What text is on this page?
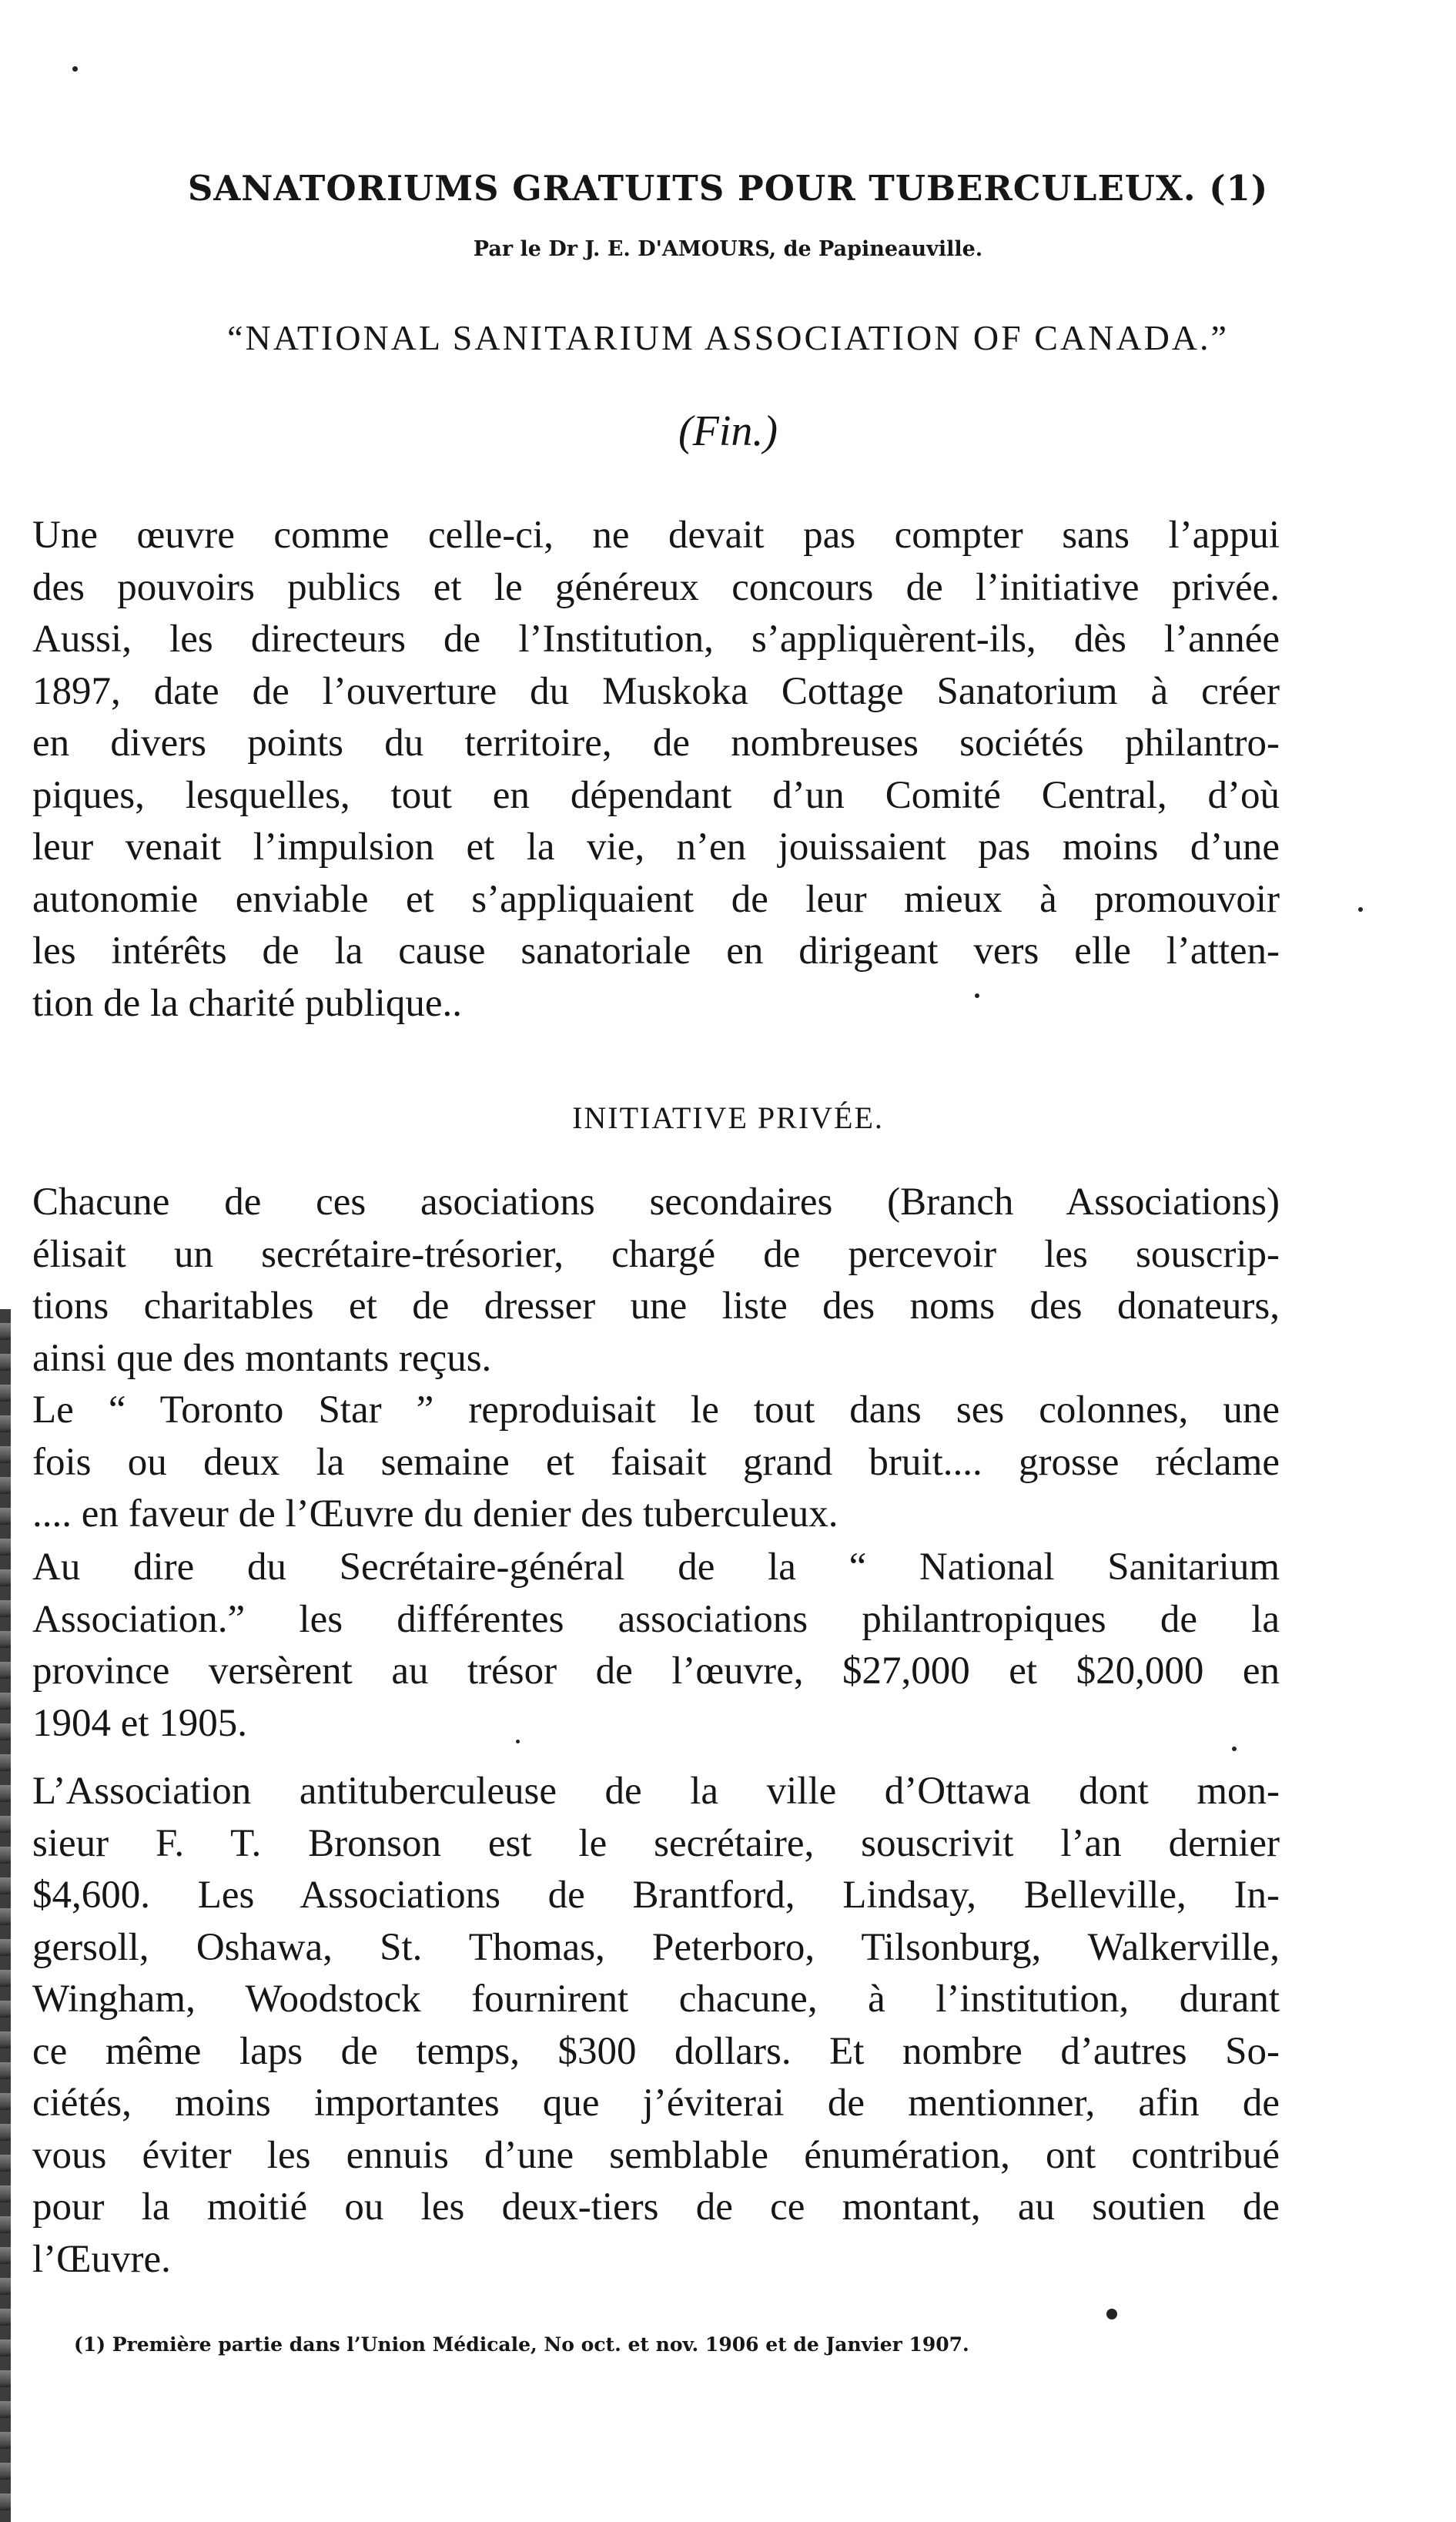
SANATORIUMS GRATUITS POUR TUBERCULEUX. (1)
Par le Dr J. E. D'AMOURS, de Papineauville.
“NATIONAL SANITARIUM ASSOCIATION OF CANADA.”
(Fin.)

Une œuvre comme celle-ci, ne devait pas compter sans l’appui
des pouvoirs publics et le généreux concours de l’initiative privée.
Aussi, les directeurs de l’Institution, s’appliquèrent-ils, dès l’année
1897, date de l’ouverture du Muskoka Cottage Sanatorium à créer
en divers points du territoire, de nombreuses sociétés philantro-
piques, lesquelles, tout en dépendant d’un Comité Central, d’où
leur venait l’impulsion et la vie, n’en jouissaient pas moins d’une
autonomie enviable et s’appliquaient de leur mieux à promouvoir
les intérêts de la cause sanatoriale en dirigeant vers elle l’atten-
tion de la charité publique..

INITIATIVE PRIVÉE.

Chacune de ces asociations secondaires (Branch Associations)
élisait un secrétaire-trésorier, chargé de percevoir les souscrip-
tions charitables et de dresser une liste des noms des donateurs,
ainsi que des montants reçus.

Le “ Toronto Star ” reproduisait le tout dans ses colonnes, une
fois ou deux la semaine et faisait grand bruit.... grosse réclame
.... en faveur de l’Œuvre du denier des tuberculeux.

Au dire du Secrétaire-général de la “ National Sanitarium
Association.” les différentes associations philantropiques de la
province versèrent au trésor de l’œuvre, $27,000 et $20,000 en
1904 et 1905.

L’Association antituberculeuse de la ville d’Ottawa dont mon-
sieur F. T. Bronson est le secrétaire, souscrivit l’an dernier
$4,600. Les Associations de Brantford, Lindsay, Belleville, In-
gersoll, Oshawa, St. Thomas, Peterboro, Tilsonburg, Walkerville,
Wingham, Woodstock fournirent chacune, à l’institution, durant
ce même laps de temps, $300 dollars. Et nombre d’autres So-
ciétés, moins importantes que j’éviterai de mentionner, afin de
vous éviter les ennuis d’une semblable énumération, ont contribué
pour la moitié ou les deux-tiers de ce montant, au soutien de
l’Œuvre.

(1) Première partie dans l’Union Médicale, No oct. et nov. 1906 et de Janvier 1907.
